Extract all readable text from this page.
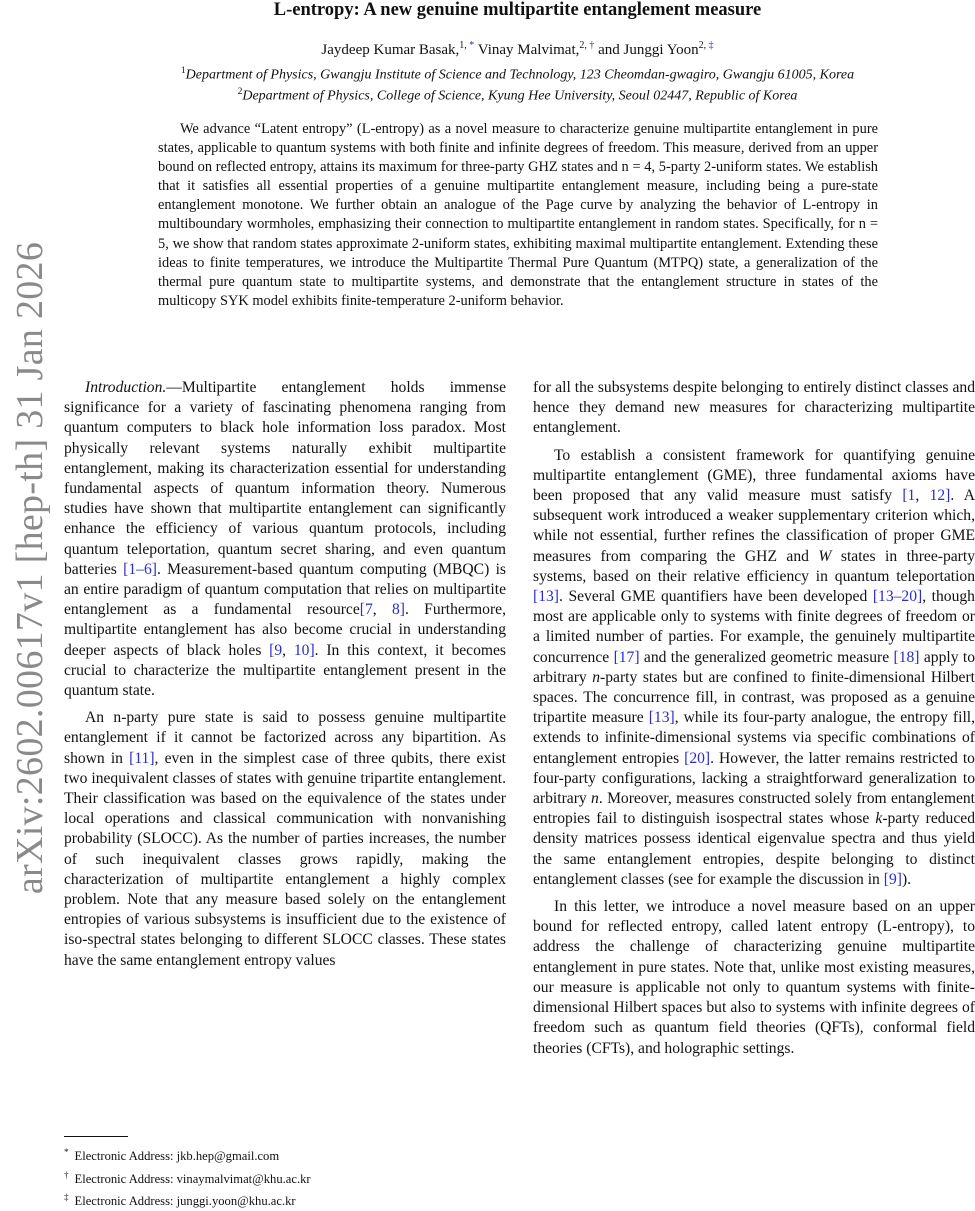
arXiv:2602.00617v1 [hep-th] 31 Jan 2026
L-entropy: A new genuine multipartite entanglement measure
Jaydeep Kumar Basak,$^{1, *}$ Vinay Malvimat,$^{2, \dagger}$ and Junggi Yoon$^{2, \ddagger}$
$^1$Department of Physics, Gwangju Institute of Science and Technology, 123 Cheomdan-gwagiro, Gwangju 61005, Korea
$^2$Department of Physics, College of Science, Kyung Hee University, Seoul 02447, Republic of Korea

We advance “Latent entropy” (L-entropy) as a novel measure to characterize genuine multipartite entanglement in pure states, applicable to quantum systems with both finite and infinite degrees of freedom. This measure, derived from an upper bound on reflected entropy, attains its maximum for three-party GHZ states and n = 4, 5-party 2-uniform states. We establish that it satisfies all essential properties of a genuine multipartite entanglement measure, including being a pure-state entanglement monotone. We further obtain an analogue of the Page curve by analyzing the behavior of L-entropy in multiboundary wormholes, emphasizing their connection to multipartite entanglement in random states. Specifically, for n = 5, we show that random states approximate 2-uniform states, exhibiting maximal multipartite entanglement. Extending these ideas to finite temperatures, we introduce the Multipartite Thermal Pure Quantum (MTPQ) state, a generalization of the thermal pure quantum state to multipartite systems, and demonstrate that the entanglement structure in states of the multicopy SYK model exhibits finite-temperature 2-uniform behavior.

Introduction.—Multipartite entanglement holds immense significance for a variety of fascinating phenomena ranging from quantum computers to black hole information loss paradox. Most physically relevant systems naturally exhibit multipartite entanglement, making its characterization essential for understanding fundamental aspects of quantum information theory. Numerous studies have shown that multipartite entanglement can significantly enhance the efficiency of various quantum protocols, including quantum teleportation, quantum secret sharing, and even quantum batteries [1–6]. Measurement-based quantum computing (MBQC) is an entire paradigm of quantum computation that relies on multipartite entanglement as a fundamental resource[7, 8]. Furthermore, multipartite entanglement has also become crucial in understanding deeper aspects of black holes [9, 10]. In this context, it becomes crucial to characterize the multipartite entanglement present in the quantum state.

An n-party pure state is said to possess genuine multipartite entanglement if it cannot be factorized across any bipartition. As shown in [11], even in the simplest case of three qubits, there exist two inequivalent classes of states with genuine tripartite entanglement. Their classification was based on the equivalence of the states under local operations and classical communication with nonvanishing probability (SLOCC). As the number of parties increases, the number of such inequivalent classes grows rapidly, making the characterization of multipartite entanglement a highly complex problem. Note that any measure based solely on the entanglement entropies of various subsystems is insufficient due to the existence of iso-spectral states belonging to different SLOCC classes. These states have the same entanglement entropy values

for all the subsystems despite belonging to entirely distinct classes and hence they demand new measures for characterizing multipartite entanglement.

To establish a consistent framework for quantifying genuine multipartite entanglement (GME), three fundamental axioms have been proposed that any valid measure must satisfy [1, 12]. A subsequent work introduced a weaker supplementary criterion which, while not essential, further refines the classification of proper GME measures from comparing the GHZ and W states in three-party systems, based on their relative efficiency in quantum teleportation [13]. Several GME quantifiers have been developed [13–20], though most are applicable only to systems with finite degrees of freedom or a limited number of parties. For example, the genuinely multipartite concurrence [17] and the generalized geometric measure [18] apply to arbitrary n-party states but are confined to finite-dimensional Hilbert spaces. The concurrence fill, in contrast, was proposed as a genuine tripartite measure [13], while its four-party analogue, the entropy fill, extends to infinite-dimensional systems via specific combinations of entanglement entropies [20]. However, the latter remains restricted to four-party configurations, lacking a straightforward generalization to arbitrary n. Moreover, measures constructed solely from entanglement entropies fail to distinguish isospectral states whose k-party reduced density matrices possess identical eigenvalue spectra and thus yield the same entanglement entropies, despite belonging to distinct entanglement classes (see for example the discussion in [9]).

In this letter, we introduce a novel measure based on an upper bound for reflected entropy, called latent entropy (L-entropy), to address the challenge of characterizing genuine multipartite entanglement in pure states. Note that, unlike most existing measures, our measure is applicable not only to quantum systems with finite-dimensional Hilbert spaces but also to systems with infinite degrees of freedom such as quantum field theories (QFTs), conformal field theories (CFTs), and holographic settings.

* Electronic Address: jkb.hep@gmail.com
† Electronic Address: vinaymalvimat@khu.ac.kr
‡ Electronic Address: junggi.yoon@khu.ac.kr
